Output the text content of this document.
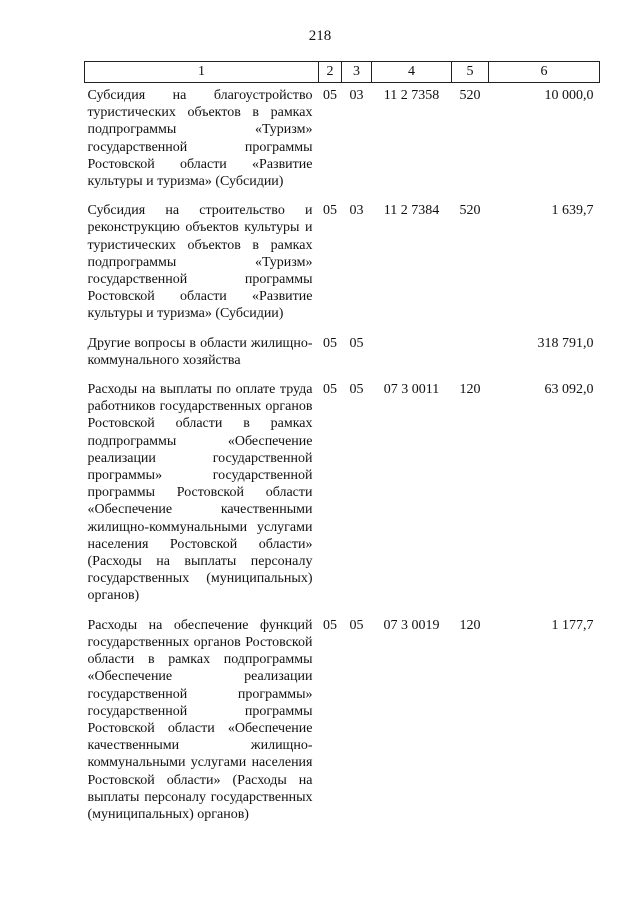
218
1	2	3	4	5	6
Субсидия на благоустройство туристических объектов в рамках подпрограммы «Туризм» государственной программы Ростовской области «Развитие культуры и туризма» (Субсидии)	05	03	11 2 7358	520	10 000,0
Субсидия на строительство и реконструкцию объектов культуры и туристических объектов в рамках подпрограммы «Туризм» государственной программы Ростовской области «Развитие культуры и туризма» (Субсидии)	05	03	11 2 7384	520	1 639,7
Другие вопросы в области жилищно-коммунального хозяйства	05	05			318 791,0
Расходы на выплаты по оплате труда работников государственных органов Ростовской области в рамках подпрограммы «Обеспечение реализации государственной программы» государственной программы Ростовской области «Обеспечение качественными жилищно-коммунальными услугами населения Ростовской области» (Расходы на выплаты персоналу государственных (муниципальных) органов)	05	05	07 3 0011	120	63 092,0
Расходы на обеспечение функций государственных органов Ростовской области в рамках подпрограммы «Обеспечение реализации государственной программы» государственной программы Ростовской области «Обеспечение качественными жилищно-коммунальными услугами населения Ростовской области» (Расходы на выплаты персоналу государственных (муниципальных) органов)	05	05	07 3 0019	120	1 177,7
